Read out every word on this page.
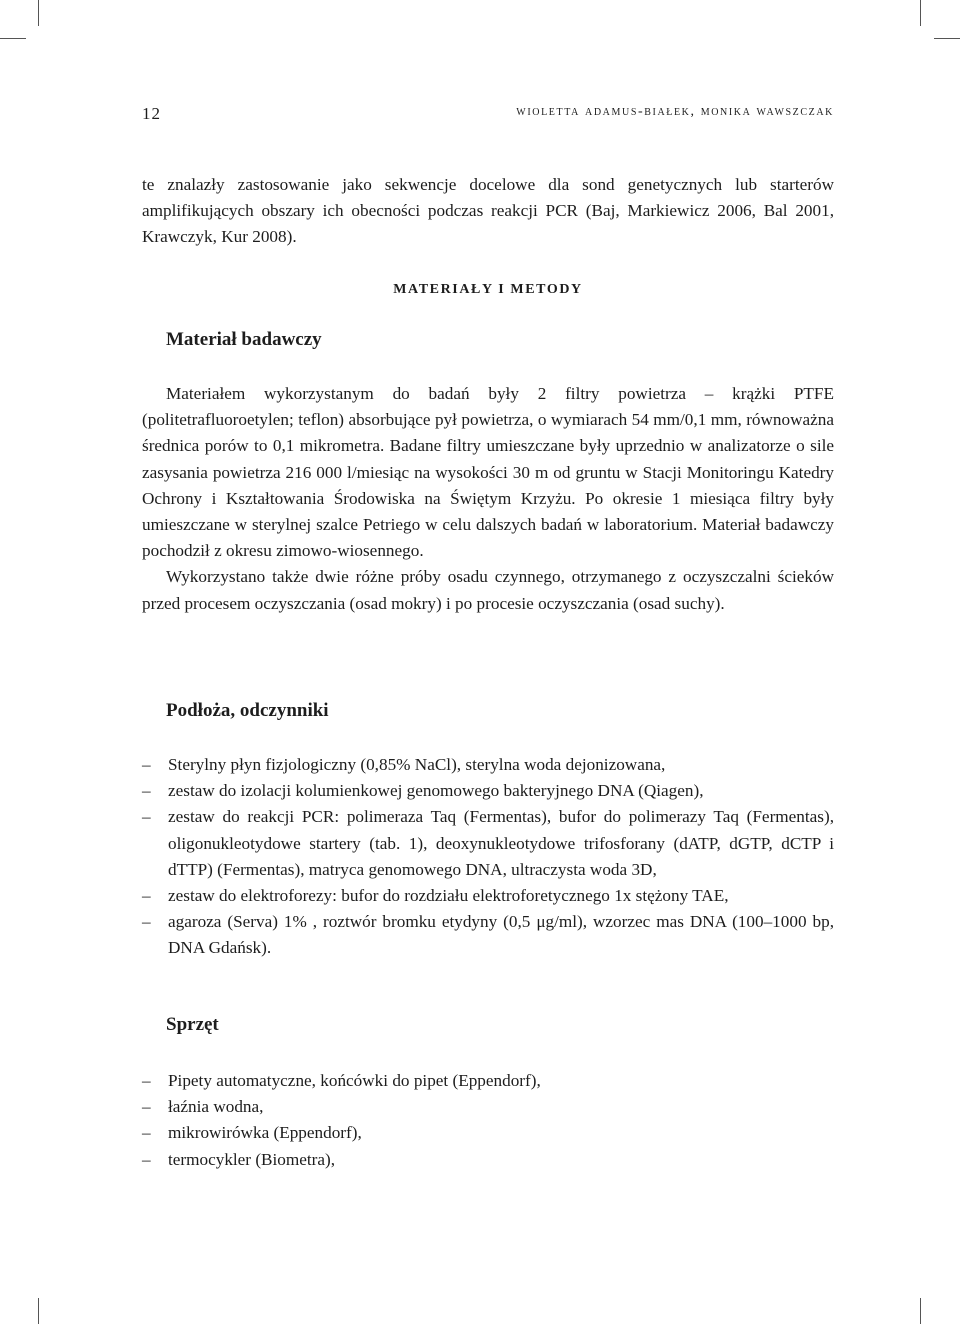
12	wioletta adamus-białek, monika wawszczak

te znalazły zastosowanie jako sekwencje docelowe dla sond genetycznych lub starterów amplifikujących obszary ich obecności podczas reakcji PCR (Baj, Markiewicz 2006, Bal 2001, Krawczyk, Kur 2008).

MATERIAŁY I METODY
Materiał badawczy

Materiałem wykorzystanym do badań były 2 filtry powietrza – krążki PTFE (politetrafluoroetylen; teflon) absorbujące pył powietrza, o wymiarach 54 mm/0,1 mm, równoważna średnica porów to 0,1 mikrometra. Badane filtry umieszczane były uprzednio w analizatorze o sile zasysania powietrza 216 000 l/miesiąc na wysokości 30 m od gruntu w Stacji Monitoringu Katedry Ochrony i Kształtowania Środowiska na Świętym Krzyżu. Po okresie 1 miesiąca filtry były umieszczane w sterylnej szalce Petriego w celu dalszych badań w laboratorium. Materiał badawczy pochodził z okresu zimowo-wiosennego.

Wykorzystano także dwie różne próby osadu czynnego, otrzymanego z oczyszczalni ścieków przed procesem oczyszczania (osad mokry) i po procesie oczyszczania (osad suchy).

Podłoża, odczynniki
– Sterylny płyn fizjologiczny (0,85% NaCl), sterylna woda dejonizowana,
– zestaw do izolacji kolumienkowej genomowego bakteryjnego DNA (Qiagen),
– zestaw do reakcji PCR: polimeraza Taq (Fermentas), bufor do polimerazy Taq (Fermentas), oligonukleotydowe startery (tab. 1), deoxynukleotydowe trifosforany (dATP, dGTP, dCTP i dTTP) (Fermentas), matryca genomowego DNA, ultraczysta woda 3D,
– zestaw do elektroforezy: bufor do rozdziału elektroforetycznego 1x stężony TAE,
– agaroza (Serva) 1% , roztwór bromku etydyny (0,5 μg/ml), wzorzec mas DNA (100–1000 bp, DNA Gdańsk).
Sprzęt
– Pipety automatyczne, końcówki do pipet (Eppendorf),
– łaźnia wodna,
– mikrowirówka (Eppendorf),
– termocykler (Biometra),
